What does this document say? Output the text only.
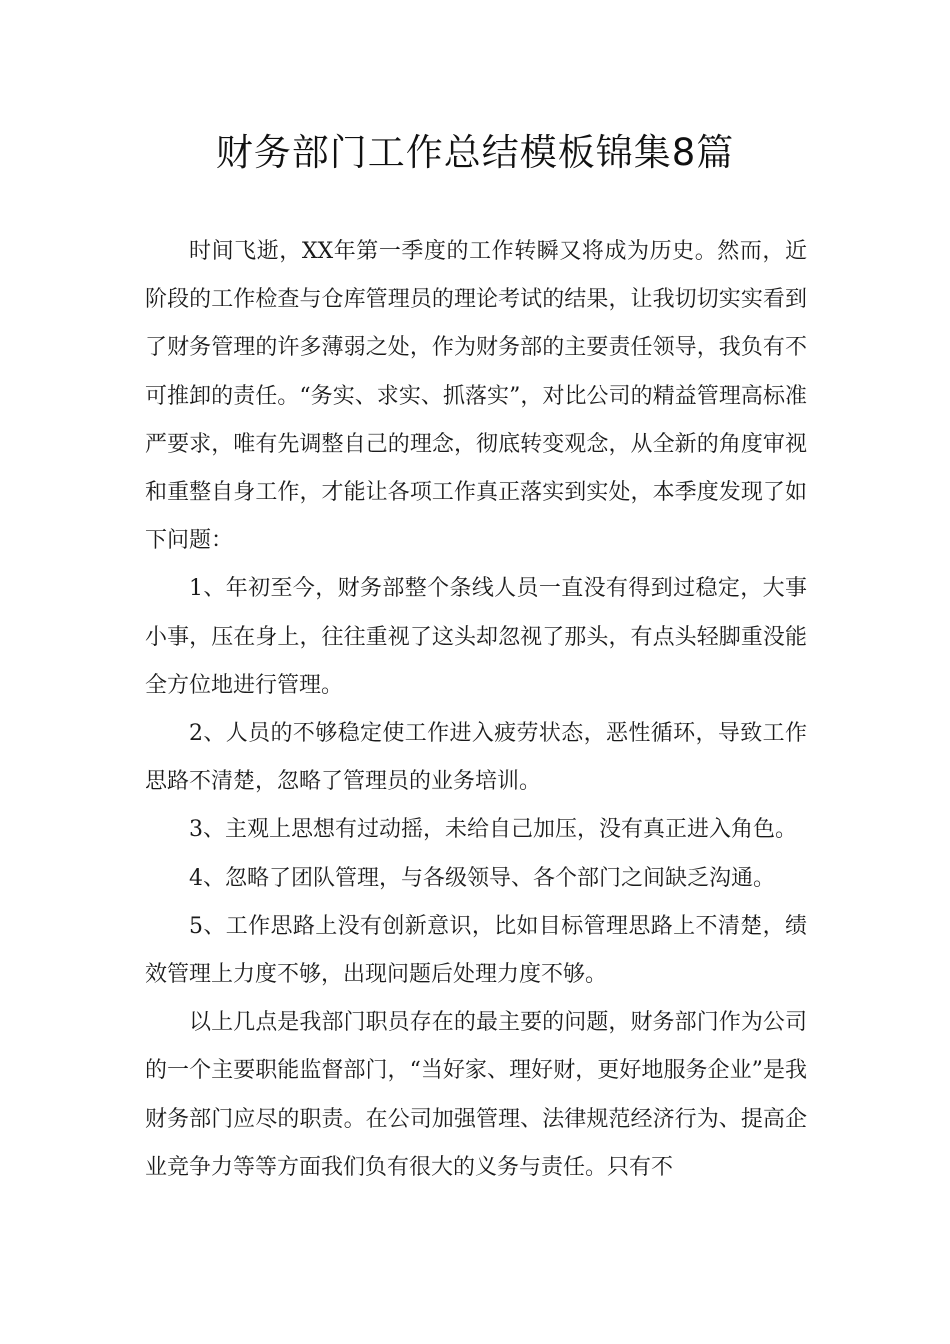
财务部门工作总结模板锦集8篇

时间飞逝，XX年第一季度的工作转瞬又将成为历史。然而，近阶段的工作检查与仓库管理员的理论考试的结果，让我切切实实看到了财务管理的许多薄弱之处，作为财务部的主要责任领导，我负有不可推卸的责任。“务实、求实、抓落实”，对比公司的精益管理高标准严要求，唯有先调整自己的理念，彻底转变观念，从全新的角度审视和重整自身工作，才能让各项工作真正落实到实处，本季度发现了如下问题：

1、年初至今，财务部整个条线人员一直没有得到过稳定，大事小事，压在身上，往往重视了这头却忽视了那头，有点头轻脚重没能全方位地进行管理。

2、人员的不够稳定使工作进入疲劳状态，恶性循环，导致工作思路不清楚，忽略了管理员的业务培训。

3、主观上思想有过动摇，未给自己加压，没有真正进入角色。

4、忽略了团队管理，与各级领导、各个部门之间缺乏沟通。

5、工作思路上没有创新意识，比如目标管理思路上不清楚，绩效管理上力度不够，出现问题后处理力度不够。

以上几点是我部门职员存在的最主要的问题，财务部门作为公司的一个主要职能监督部门，“当好家、理好财，更好地服务企业”是我财务部门应尽的职责。在公司加强管理、法律规范经济行为、提高企业竞争力等等方面我们负有很大的义务与责任。只有不
